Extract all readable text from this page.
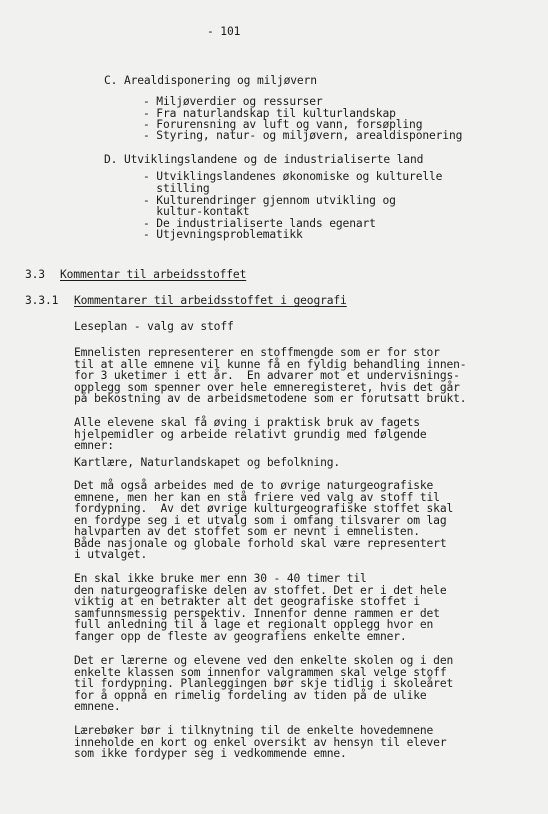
- 101
C. Arealdisponering og miljøvern
- Miljøverdier og ressurser
- Fra naturlandskap til kulturlandskap
- Forurensning av luft og vann, forsøpling
- Styring, natur- og miljøvern, arealdisponering
D. Utviklingslandene og de industrialiserte land
- Utviklingslandenes økonomiske og kulturelle
stilling
- Kulturendringer gjennom utvikling og
kultur-kontakt
- De industrialiserte lands egenart
- Utjevningsproblematikk
3.3 Kommentar til arbeidsstoffet
3.3.1 Kommentarer til arbeidsstoffet i geografi
Leseplan - valg av stoff
Emnelisten representerer en stoffmengde som er for stor
til at alle emnene vil kunne få en fyldig behandling innen-
for 3 uketimer i ett år.  En advarer mot et undervisnings-
opplegg som spenner over hele emneregisteret, hvis det går
på bekostning av de arbeidsmetodene som er forutsatt brukt.
Alle elevene skal få øving i praktisk bruk av fagets
hjelpemidler og arbeide relativt grundig med følgende
emner:
Kartlære, Naturlandskapet og befolkning.
Det må også arbeides med de to øvrige naturgeografiske
emnene, men her kan en stå friere ved valg av stoff til
fordypning.  Av det øvrige kulturgeografiske stoffet skal
en fordype seg i et utvalg som i omfang tilsvarer om lag
halvparten av det stoffet som er nevnt i emnelisten.
Både nasjonale og globale forhold skal være representert
i utvalget.
En skal ikke bruke mer enn 30 - 40 timer til
den naturgeografiske delen av stoffet. Det er i det hele
viktig at en betrakter alt det geografiske stoffet i
samfunnsmessig perspektiv. Innenfor denne rammen er det
full anledning til å lage et regionalt opplegg hvor en
fanger opp de fleste av geografiens enkelte emner.
Det er lærerne og elevene ved den enkelte skolen og i den
enkelte klassen som innenfor valgrammen skal velge stoff
til fordypning. Planleggingen bør skje tidlig i skoleåret
for å oppnå en rimelig fordeling av tiden på de ulike
emnene.
Lærebøker bør i tilknytning til de enkelte hovedemnene
inneholde en kort og enkel oversikt av hensyn til elever
som ikke fordyper seg i vedkommende emne.
